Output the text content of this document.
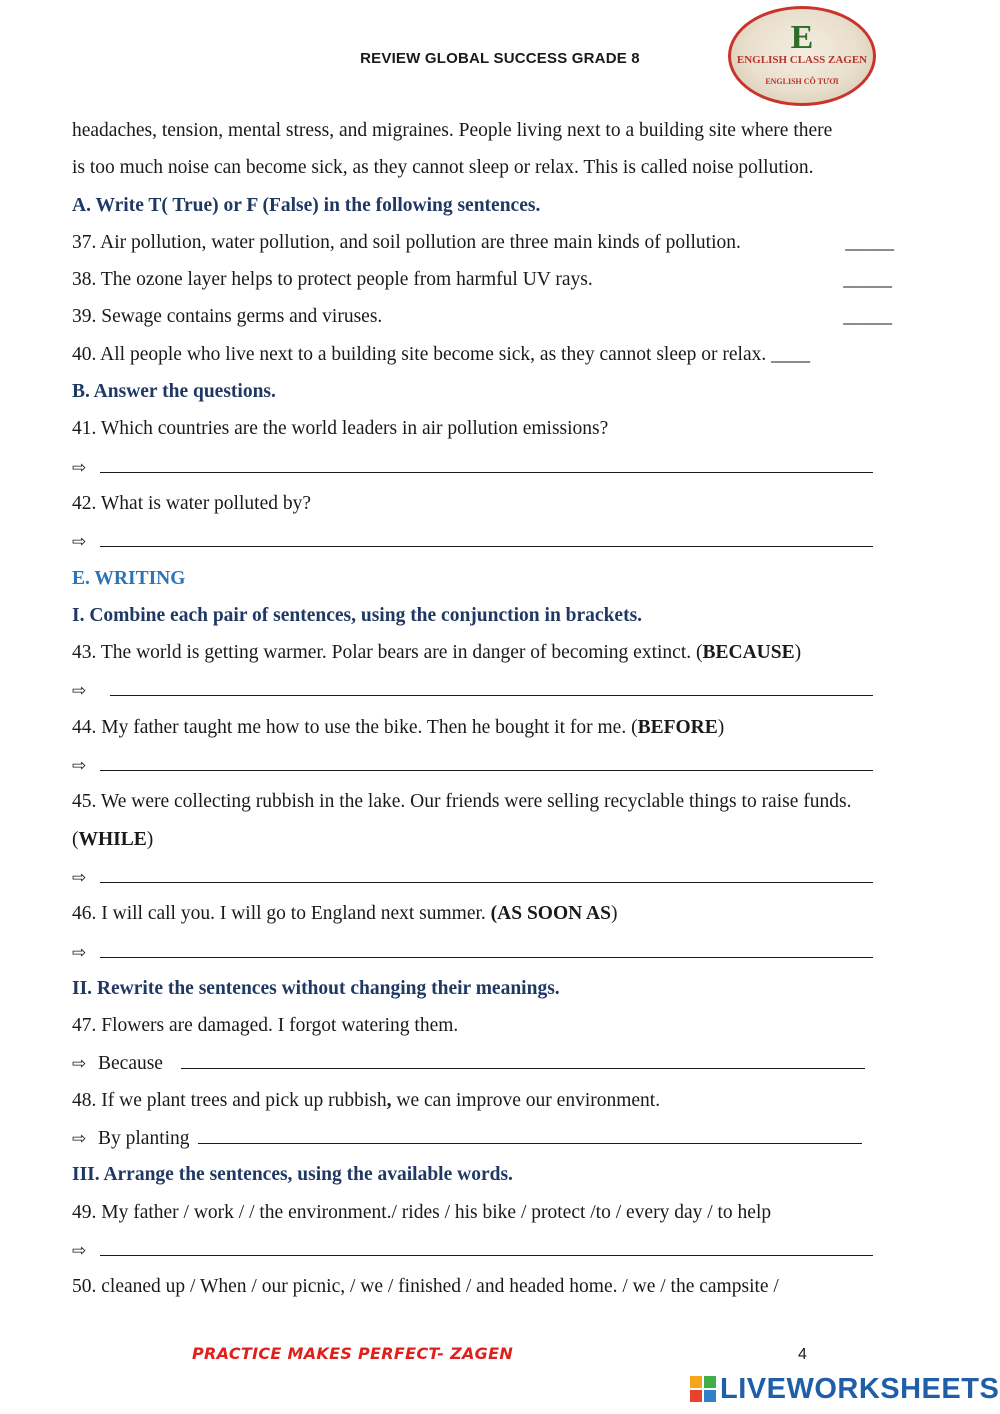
REVIEW GLOBAL SUCCESS GRADE 8
E
ENGLISH CLASS ZAGEN
ENGLISH CÔ TƯƠI
headaches, tension, mental stress, and migraines. People living next to a building site where there
is too much noise can become sick, as they cannot sleep or relax. This is called noise pollution.
A. Write T( True) or F (False) in the following sentences.
37. Air pollution, water pollution, and soil pollution are three main kinds of pollution.	_____
38. The ozone layer helps to protect people from harmful UV rays.	_____
39. Sewage contains germs and viruses.	_____
40. All people who live next to a building site become sick, as they cannot sleep or relax. ____
B. Answer the questions.
41. Which countries are the world leaders in air pollution emissions?
⇨
42. What is water polluted by?
⇨
E. WRITING
I. Combine each pair of sentences, using the conjunction in brackets.
43. The world is getting warmer. Polar bears are in danger of becoming extinct. (BECAUSE)
⇨
44. My father taught me how to use the bike. Then he bought it for me. (BEFORE)
⇨
45. We were collecting rubbish in the lake. Our friends were selling recyclable things to raise funds.
(WHILE)
⇨
46. I will call you. I will go to England next summer. (AS SOON AS)
⇨
II. Rewrite the sentences without changing their meanings.
47. Flowers are damaged. I forgot watering them.
⇨ Because
48. If we plant trees and pick up rubbish, we can improve our environment.
⇨ By planting
III. Arrange the sentences, using the available words.
49. My father / work / / the environment./ rides / his bike / protect /to / every day / to help
⇨
50. cleaned up / When / our picnic, / we / finished / and headed home. / we / the campsite /
PRACTICE MAKES PERFECT- ZAGEN	4
LIVEWORKSHEETS
